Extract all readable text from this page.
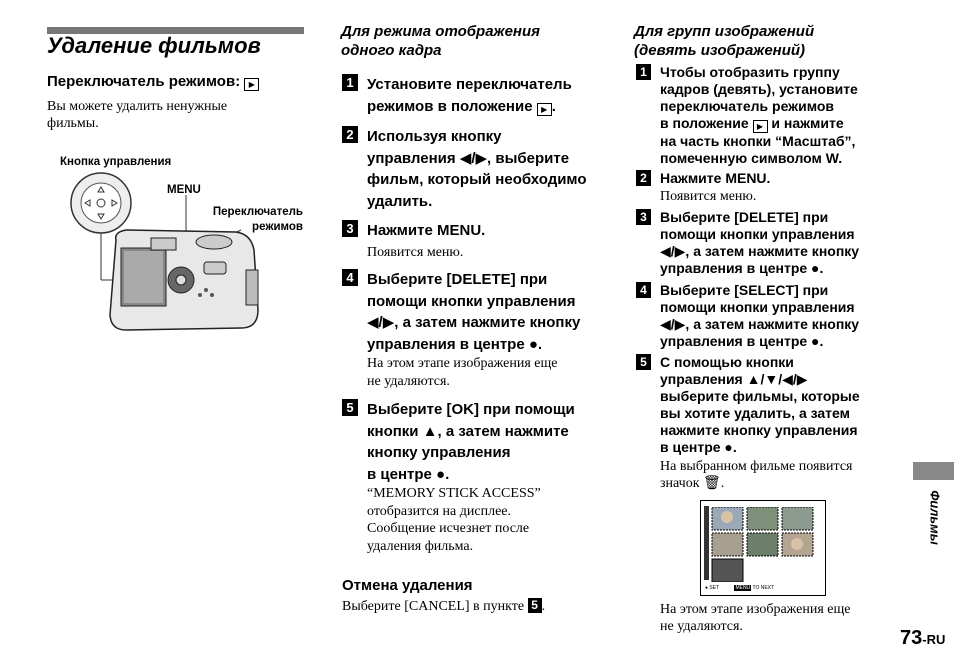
Удаление фильмов
Переключатель режимов: ▶
Вы можете удалить ненужные фильмы.
Кнопка управления
MENU
Переключатель
режимов
Для режима отображения
одного кадра
1 Установите переключатель
режимов в положение ▶ .
2 Используя кнопку
управления ◀/▶, выберите
фильм, который необходимо
удалить.
3 Нажмите MENU.
Появится меню.
4 Выберите [DELETE] при
помощи кнопки управления
◀/▶, а затем нажмите кнопку
управления в центре ●.
На этом этапе изображения еще
не удаляются.
5 Выберите [OK] при помощи
кнопки ▲, а затем нажмите
кнопку управления
в центре ●.
“MEMORY STICK ACCESS”
отобразится на дисплее.
Сообщение исчезнет после
удаления фильма.
Отмена удаления
Выберите [CANCEL] в пункте 5 .
Для групп изображений
(девять изображений)
1 Чтобы отобразить группу
кадров (девять), установите
переключатель режимов
в положение ▶ и нажмите
на часть кнопки “Масштаб”,
помеченную символом W.
2 Нажмите MENU.
Появится меню.
3 Выберите [DELETE] при
помощи кнопки управления
◀/▶, а затем нажмите кнопку
управления в центре ●.
4 Выберите [SELECT] при
помощи кнопки управления
◀/▶, а затем нажмите кнопку
управления в центре ●.
5 С помощью кнопки
управления ▲/▼/◀/▶
выберите фильмы, которые
вы хотите удалить, а затем
нажмите кнопку управления
в центре ●.
На выбранном фильме появится
значок 🗑.
● SET	MENU TO NEXT
На этом этапе изображения еще
не удаляются.
Фильмы
73-RU
